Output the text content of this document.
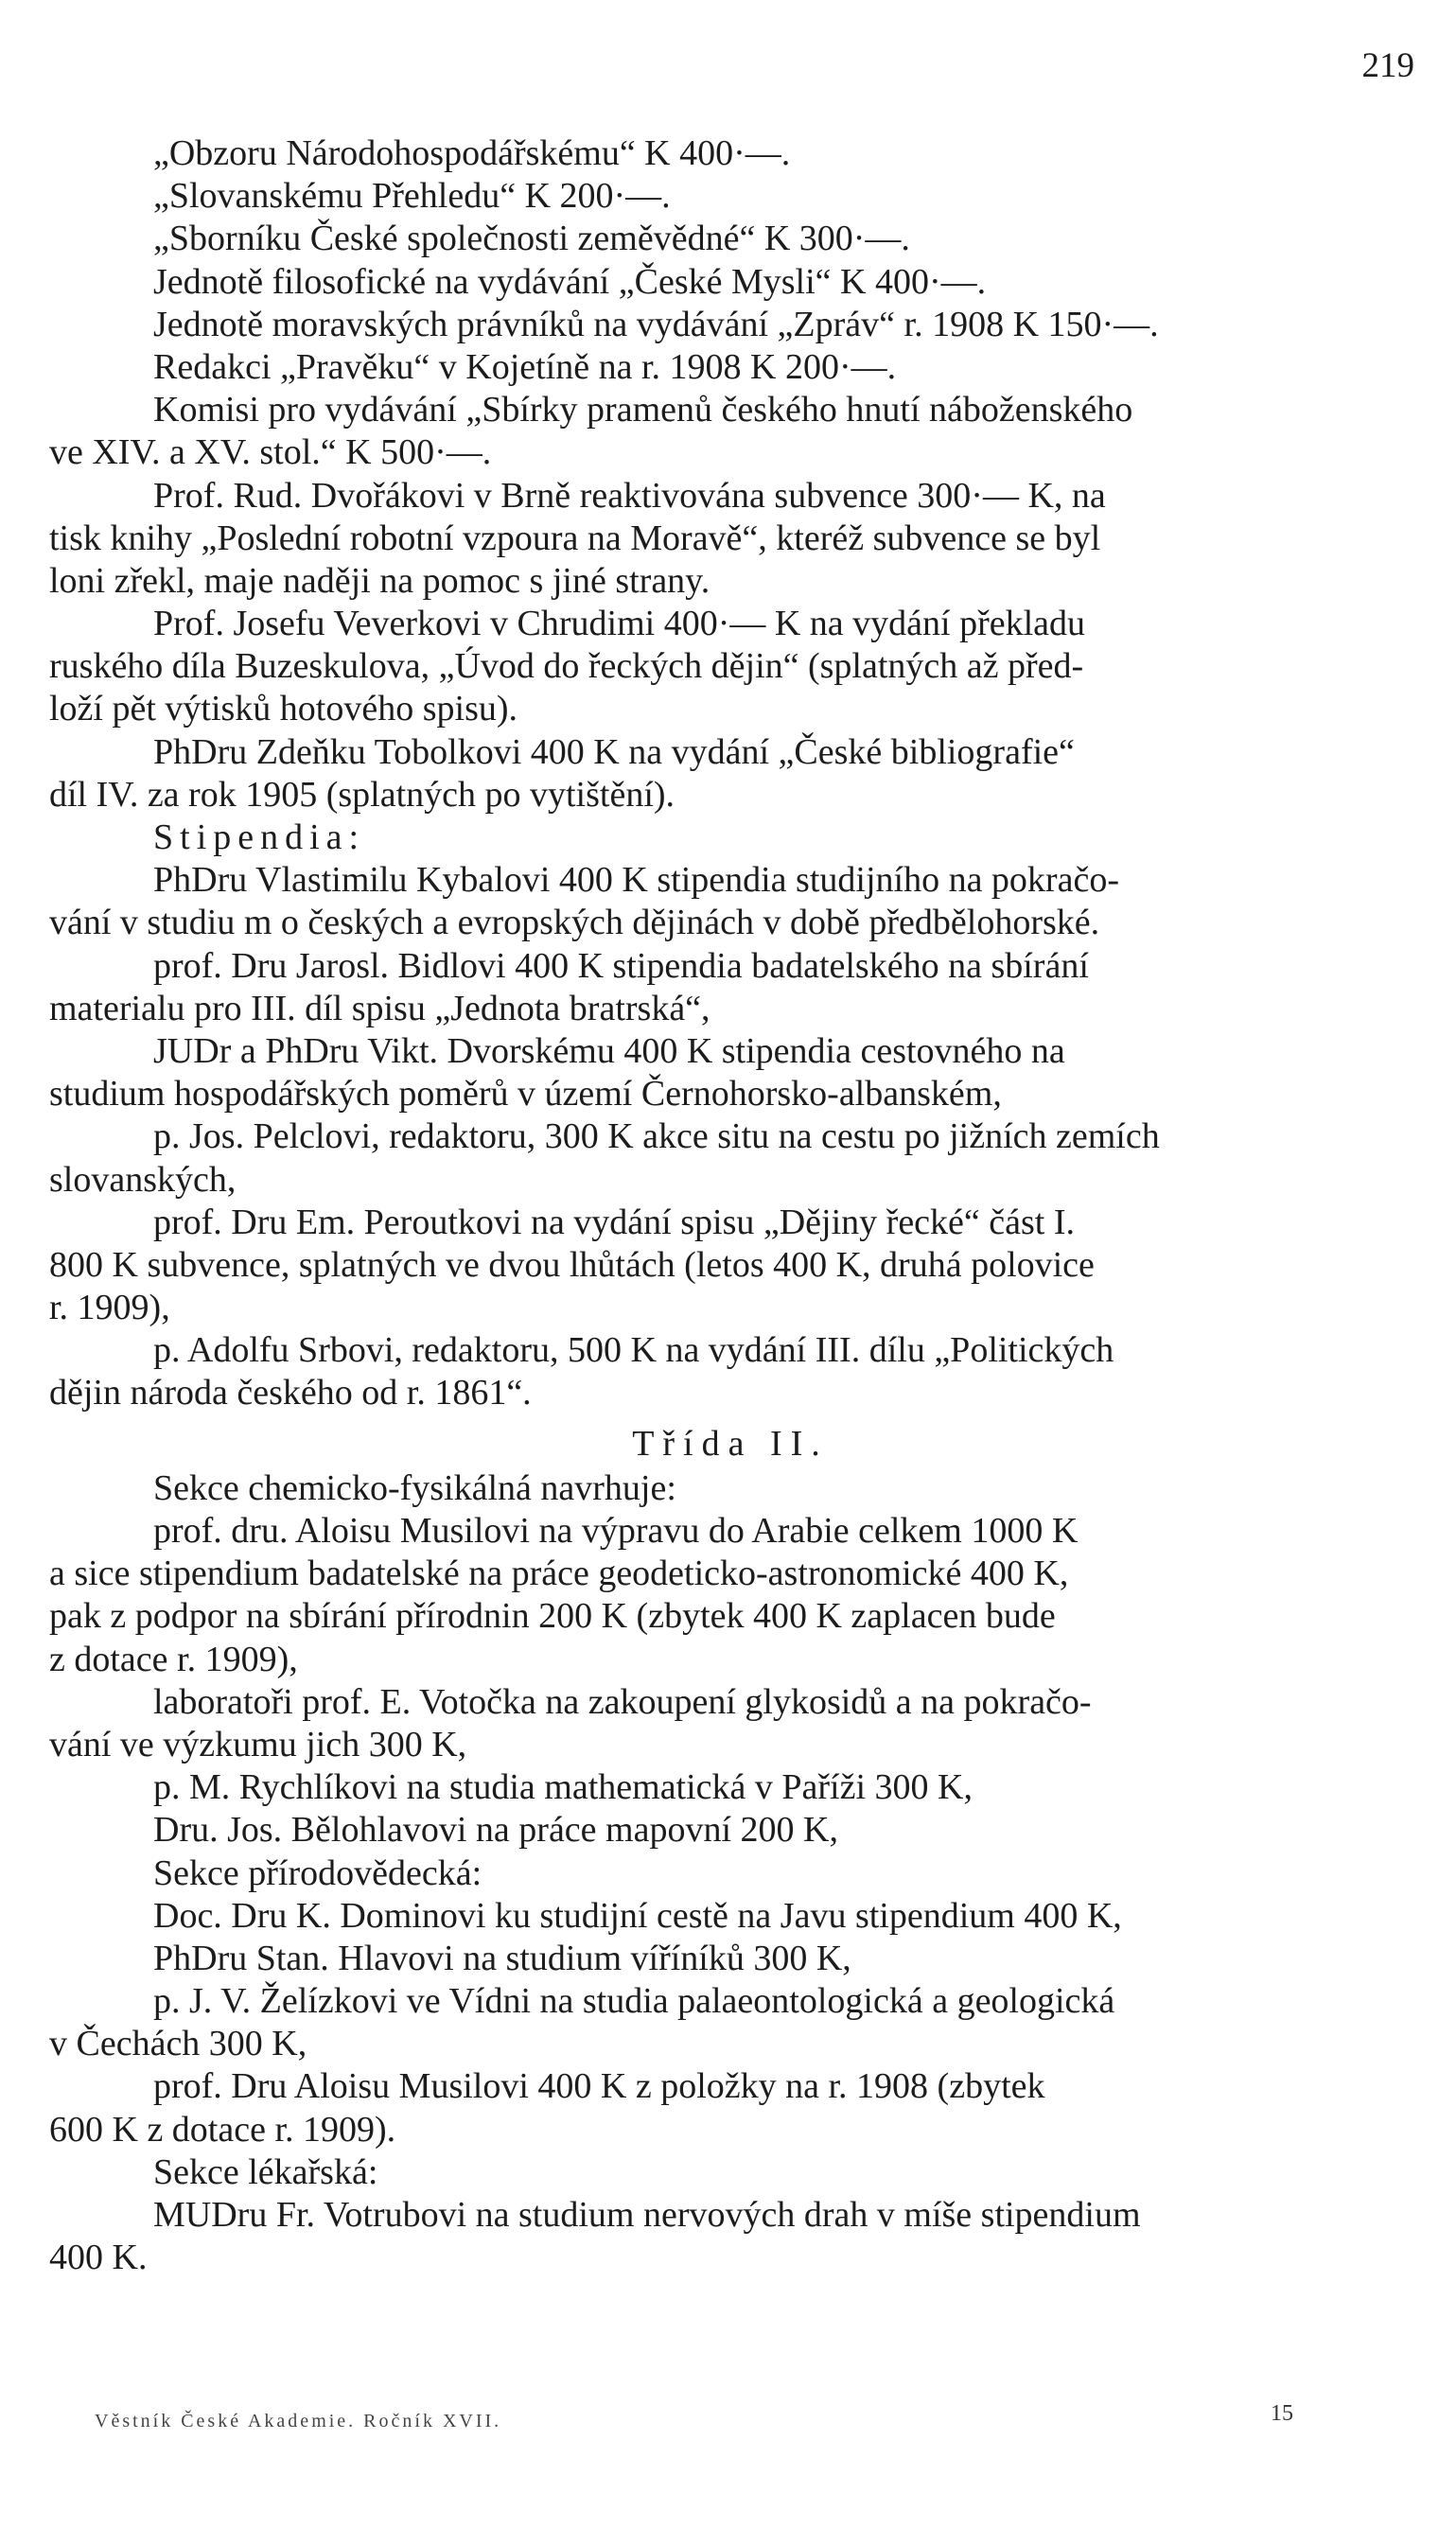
219
„Obzoru Národohospodářskému“ K 400·—.
„Slovanskému Přehledu“ K 200·—.
„Sborníku České společnosti zeměvědné“ K 300·—.
Jednotě filosofické na vydávání „České Mysli“ K 400·—.
Jednotě moravských právníků na vydávání „Zpráv“ r. 1908 K 150·—.
Redakci „Pravěku“ v Kojetíně na r. 1908 K 200·—.
Komisi pro vydávání „Sbírky pramenů českého hnutí náboženského
ve XIV. a XV. stol.“ K 500·—.
Prof. Rud. Dvořákovi v Brně reaktivována subvence 300·— K, na
tisk knihy „Poslední robotní vzpoura na Moravě“, kteréž subvence se byl
loni zřekl, maje naději na pomoc s jiné strany.
Prof. Josefu Veverkovi v Chrudimi 400·— K na vydání překladu
ruského díla Buzeskulova, „Úvod do řeckých dějin“ (splatných až před-
loží pět výtisků hotového spisu).
PhDru Zdeňku Tobolkovi 400 K na vydání „České bibliografie“
díl IV. za rok 1905 (splatných po vytištění).
Stipendia:
PhDru Vlastimilu Kybalovi 400 K stipendia studijního na pokračo-
vání v studiu m o českých a evropských dějinách v době předbělohorské.
prof. Dru Jarosl. Bidlovi 400 K stipendia badatelského na sbírání
materialu pro III. díl spisu „Jednota bratrská“,
JUDr a PhDru Vikt. Dvorskému 400 K stipendia cestovného na
studium hospodářských poměrů v území Černohorsko-albanském,
p. Jos. Pelclovi, redaktoru, 300 K akce situ na cestu po jižních zemích
slovanských,
prof. Dru Em. Peroutkovi na vydání spisu „Dějiny řecké“ část I.
800 K subvence, splatných ve dvou lhůtách (letos 400 K, druhá polovice
r. 1909),
p. Adolfu Srbovi, redaktoru, 500 K na vydání III. dílu „Politických
dějin národa českého od r. 1861“.
Třída II.
Sekce chemicko-fysikálná navrhuje:
prof. dru. Aloisu Musilovi na výpravu do Arabie celkem 1000 K
a sice stipendium badatelské na práce geodeticko-astronomické 400 K,
pak z podpor na sbírání přírodnin 200 K (zbytek 400 K zaplacen bude
z dotace r. 1909),
laboratoři prof. E. Votočka na zakoupení glykosidů a na pokračo-
vání ve výzkumu jich 300 K,
p. M. Rychlíkovi na studia mathematická v Paříži 300 K,
Dru. Jos. Bělohlavovi na práce mapovní 200 K,
Sekce přírodovědecká:
Doc. Dru K. Dominovi ku studijní cestě na Javu stipendium 400 K,
PhDru Stan. Hlavovi na studium víříníků 300 K,
p. J. V. Želízkovi ve Vídni na studia palaeontologická a geologická
v Čechách 300 K,
prof. Dru Aloisu Musilovi 400 K z položky na r. 1908 (zbytek
600 K z dotace r. 1909).
Sekce lékařská:
MUDru Fr. Votrubovi na studium nervových drah v míše stipendium
400 K.
Věstník České Akademie. Ročník XVII.	15
